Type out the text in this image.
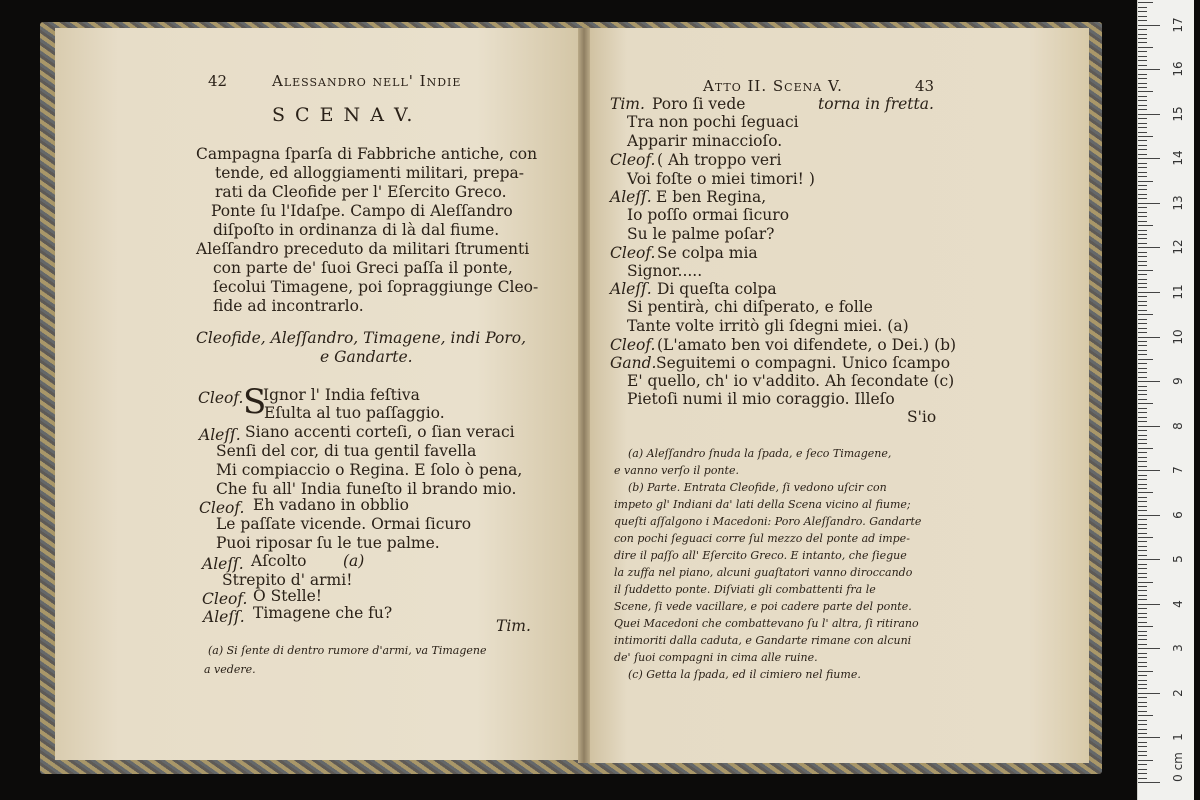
42	Alessandro nell' Indie
S C E N A V.
Campagna ſparſa di Fabbriche antiche, con
tende, ed alloggiamenti militari, prepa-
rati da Cleofide per l' Eſercito Greco.
Ponte ſu l'Idaſpe. Campo di Aleſſandro
diſpoſto in ordinanza di là dal fiume.
Aleſſandro preceduto da militari ſtrumenti
con parte de' ſuoi Greci paſſa il ponte,
ſecolui Timagene, poi ſopraggiunge Cleo-
fide ad incontrarlo.
Cleofide, Aleſſandro, Timagene, indi Poro,
e Gandarte.
Cleof. S
Ignor l' India feſtiva
Eſulta al tuo paſſaggio.
Aleſſ. Siano accenti corteſi, o ſian veraci
Senſi del cor, di tua gentil favella
Mi compiaccio o Regina. E ſolo ò pena,
Che fu all' India funeſto il brando mio.
Cleof. Eh vadano in obblio
Le paſſate vicende. Ormai ſicuro
Puoi riposar ſu le tue palme.
Aleſſ. Aſcolto (a)
Strepito d' armi!
Cleof. O Stelle!
Aleſſ. Timagene che fu?
Tim.
(a) Si ſente di dentro rumore d'armi, va Timagene
a vedere.
Atto II. Scena V.	43
Tim. Poro ſi vede	torna in fretta.
Tra non pochi ſeguaci
Apparir minaccioſo.
Cleof. ( Ah troppo veri
Voi foſte o miei timori! )
Aleſſ. E ben Regina,
Io poſſo ormai ſicuro
Su le palme poſar?
Cleof. Se colpa mia
Signor.....
Aleſſ. Di queſta colpa
Si pentirà, chi diſperato, e folle
Tante volte irritò gli ſdegni miei. (a)
Cleof. (L'amato ben voi difendete, o Dei.) (b)
Gand. Seguitemi o compagni. Unico ſcampo
E' quello, ch' io v'addito. Ah ſecondate (c)
Pietoſi numi il mio coraggio. Illeſo
S'io
(a) Aleſſandro ſnuda la ſpada, e ſeco Timagene,
e vanno verſo il ponte.
(b) Parte. Entrata Cleofide, ſi vedono uſcir con
impeto gl' Indiani da' lati della Scena vicino al fiume;
queſti aſſalgono i Macedoni: Poro Aleſſandro. Gandarte
con pochi ſeguaci corre ſul mezzo del ponte ad impe-
dire il paſſo all' Eſercito Greco. E intanto, che ſiegue
la zuffa nel piano, alcuni guaſtatori vanno diroccando
il ſuddetto ponte. Diſviati gli combattenti fra le
Scene, ſi vede vacillare, e poi cadere parte del ponte.
Quei Macedoni che combattevano ſu l' altra, ſi ritirano
intimoriti dalla caduta, e Gandarte rimane con alcuni
de' ſuoi compagni in cima alle ruine.
(c) Getta la ſpada, ed il cimiero nel fiume.
0 cm
1
2
3
4
5
6
7
8
9
10
11
12
13
14
15
16
17
